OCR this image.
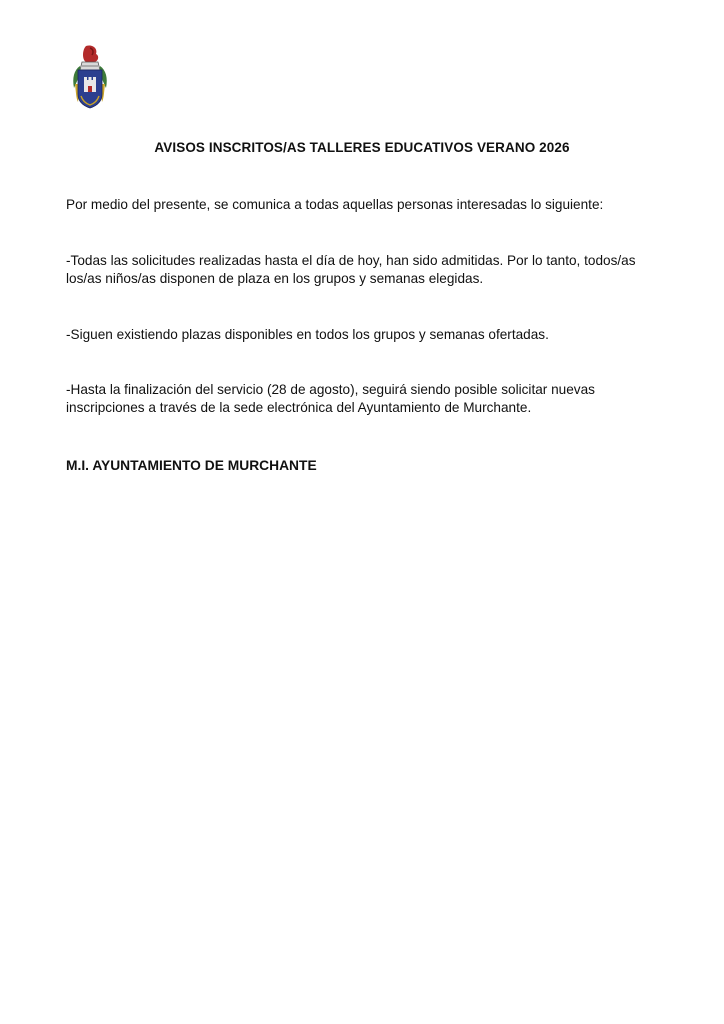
AVISOS INSCRITOS/AS TALLERES EDUCATIVOS VERANO 2026

Por medio del presente, se comunica a todas aquellas personas interesadas lo siguiente:

-Todas las solicitudes realizadas hasta el día de hoy, han sido admitidas. Por lo tanto, todos/as los/as niños/as disponen de plaza en los grupos y semanas elegidas.

-Siguen existiendo plazas disponibles en todos los grupos y semanas ofertadas.

-Hasta la finalización del servicio (28 de agosto), seguirá siendo posible solicitar nuevas inscripciones a través de la sede electrónica del Ayuntamiento de Murchante.

M.I. AYUNTAMIENTO DE MURCHANTE
